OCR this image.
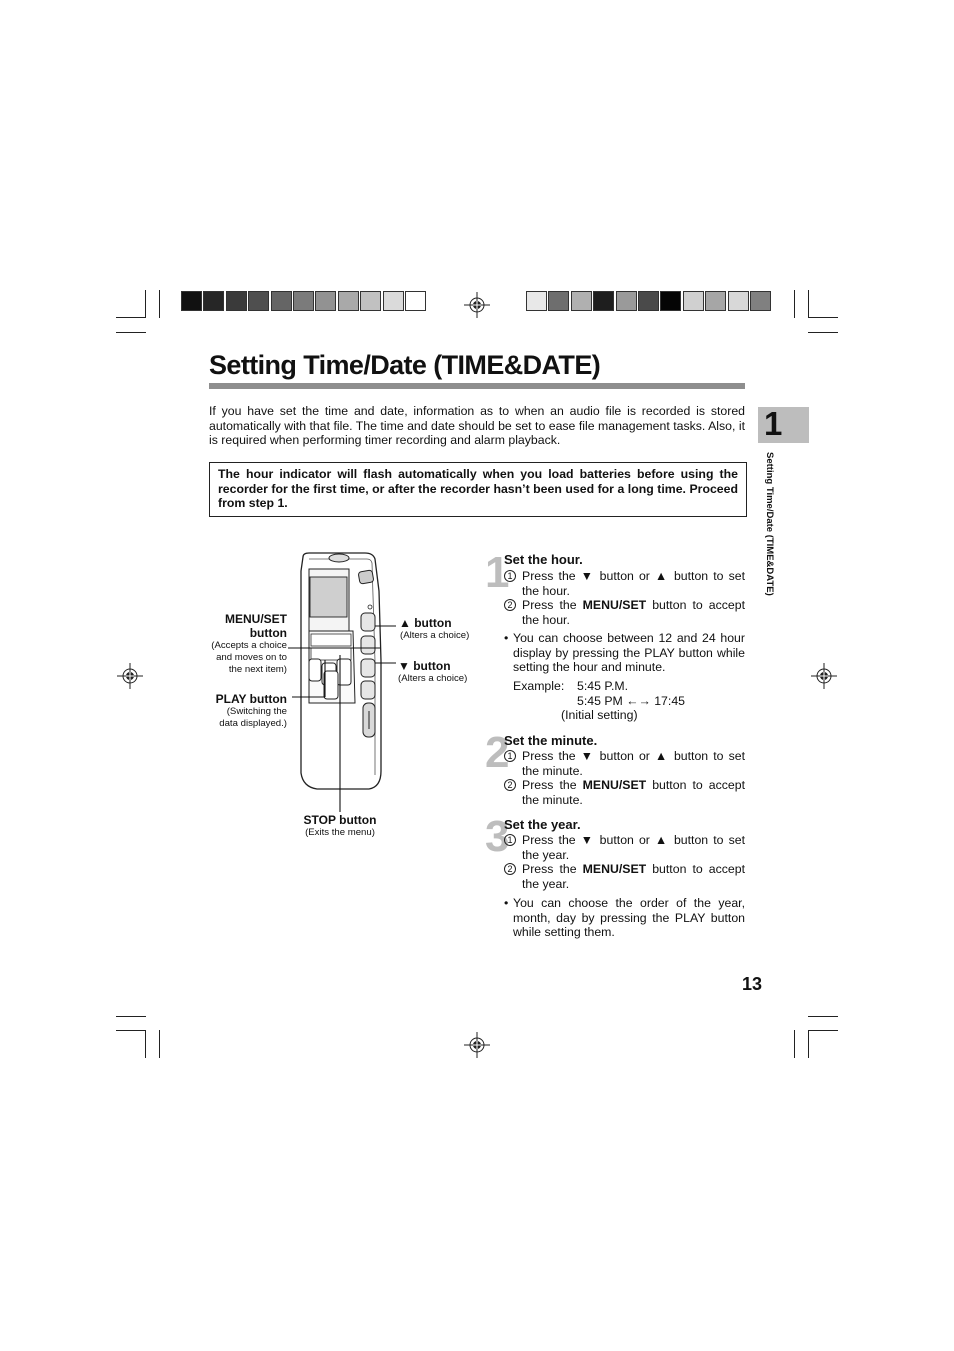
Setting Time/Date (TIME&DATE)

If you have set the time and date, information as to when an audio file is recorded is stored automatically with that file. The time and date should be set to ease file management tasks. Also, it is required when performing timer recording and alarm playback.

The hour indicator will flash automatically when you load batteries before using the recorder for the first time, or after the recorder hasn’t been used for a long time. Proceed from step 1.
1
Setting Time/Date (TIME&DATE)
MENU/SET
button
(Accepts a choice
and moves on to
the next item)
PLAY button
(Switching the
data displayed.)
▲ button
(Alters a choice)
▼ button
(Alters a choice)
STOP button
(Exits the menu)
1
Set the hour.
1 Press the ▼ button or ▲ button to set the hour.
2 Press the MENU/SET button to accept the hour.
• You can choose between 12 and 24 hour display by pressing the PLAY button while setting the hour and minute.
Example: 5:45 P.M.
5:45 PM ←→ 17:45
(Initial setting)
2
Set the minute.
1 Press the ▼ button or ▲ button to set the minute.
2 Press the MENU/SET button to accept the minute.
3
Set the year.
1 Press the ▼ button or ▲ button to set the year.
2 Press the MENU/SET button to accept the year.
• You can choose the order of the year, month, day by pressing the PLAY button while setting them.
13
